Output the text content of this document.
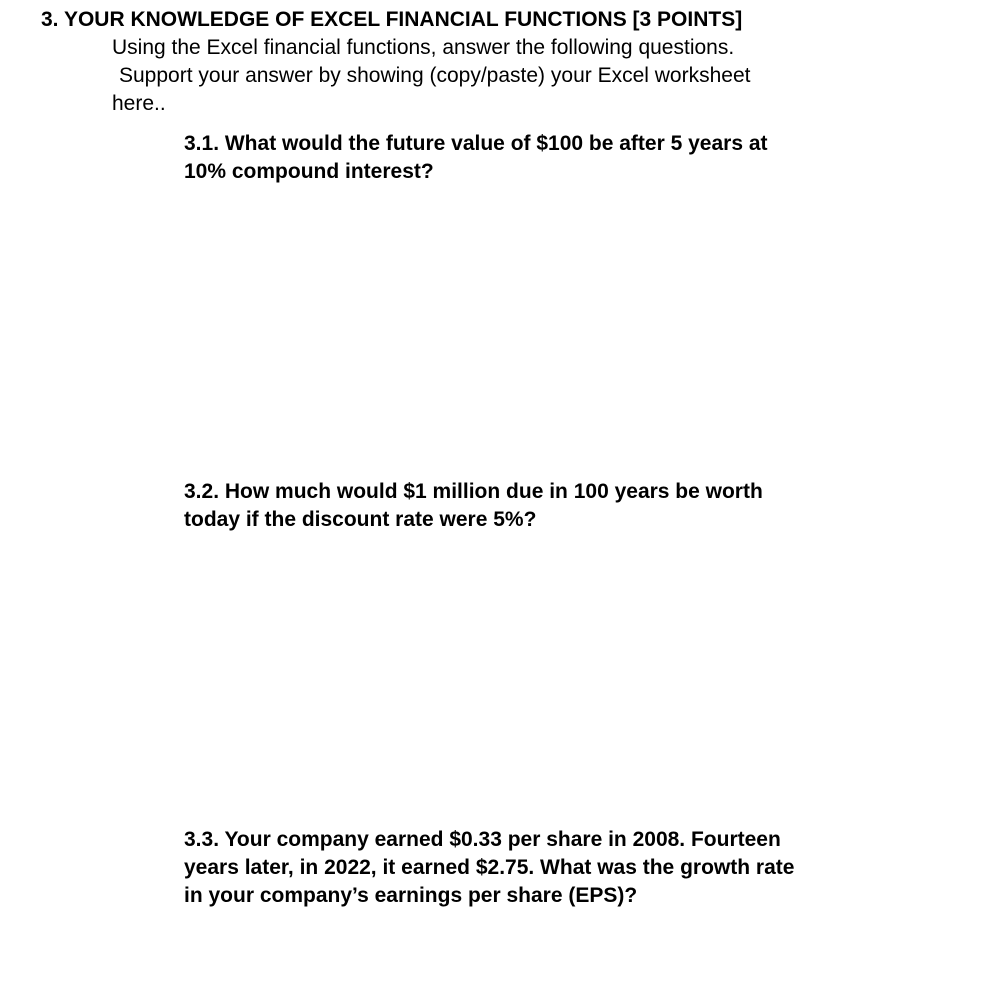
3. YOUR KNOWLEDGE OF EXCEL FINANCIAL FUNCTIONS [3 POINTS]

Using the Excel financial functions, answer the following questions.
Support your answer by showing (copy/paste) your Excel worksheet
here..

3.1. What would the future value of $100 be after 5 years at
10% compound interest?

3.2. How much would $1 million due in 100 years be worth
today if the discount rate were 5%?

3.3. Your company earned $0.33 per share in 2008. Fourteen
years later, in 2022, it earned $2.75. What was the growth rate
in your company’s earnings per share (EPS)?
